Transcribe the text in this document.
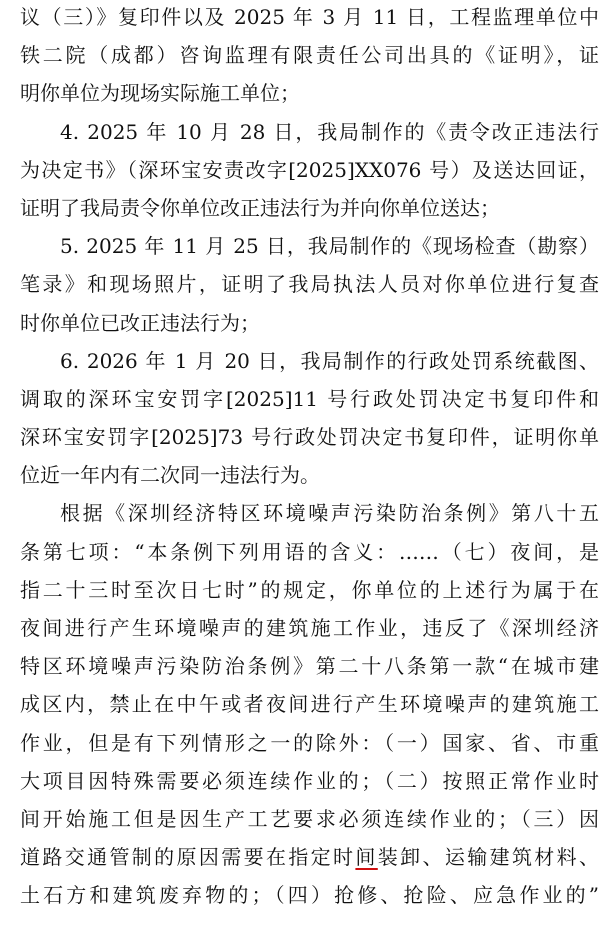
议（三）》复印件以及 2025 年 3 月 11 日，工程监理单位中
铁二院（成都）咨询监理有限责任公司出具的《证明》，证
明你单位为现场实际施工单位；
4. 2025 年 10 月 28 日，我局制作的《责令改正违法行
为决定书》（深环宝安责改字[2025]XX076 号）及送达回证，
证明了我局责令你单位改正违法行为并向你单位送达；
5. 2025 年 11 月 25 日，我局制作的《现场检查（勘察）
笔录》和现场照片，证明了我局执法人员对你单位进行复查
时你单位已改正违法行为；
6. 2026 年 1 月 20 日，我局制作的行政处罚系统截图、
调取的深环宝安罚字[2025]11 号行政处罚决定书复印件和
深环宝安罚字[2025]73 号行政处罚决定书复印件，证明你单
位近一年内有二次同一违法行为。
根据《深圳经济特区环境噪声污染防治条例》第八十五
条第七项：“本条例下列用语的含义：……（七）夜间，是
指二十三时至次日七时”的规定，你单位的上述行为属于在
夜间进行产生环境噪声的建筑施工作业，违反了《深圳经济
特区环境噪声污染防治条例》第二十八条第一款“在城市建
成区内，禁止在中午或者夜间进行产生环境噪声的建筑施工
作业，但是有下列情形之一的除外：（一）国家、省、市重
大项目因特殊需要必须连续作业的；（二）按照正常作业时
间开始施工但是因生产工艺要求必须连续作业的；（三）因
道路交通管制的原因需要在指定时间装卸、运输建筑材料、
土石方和建筑废弃物的；（四）抢修、抢险、应急作业的”
